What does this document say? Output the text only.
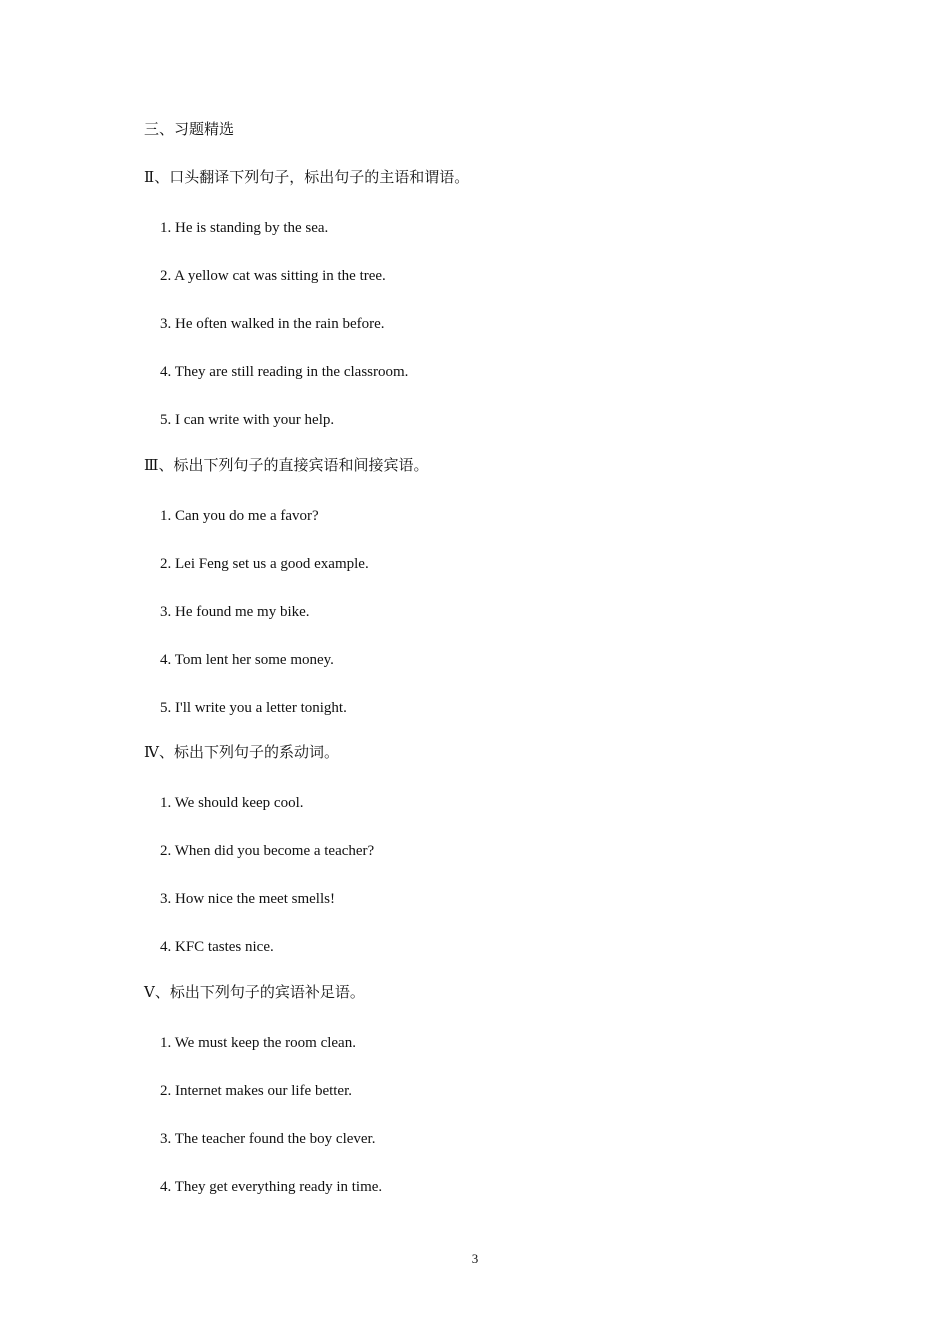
三、习题精选
Ⅱ、口头翻译下列句子，标出句子的主语和谓语。
1. He is standing by the sea.
2. A yellow cat was sitting in the tree.
3. He often walked in the rain before.
4. They are still reading in the classroom.
5. I can write with your help.
Ⅲ、标出下列句子的直接宾语和间接宾语。
1. Can you do me a favor?
2. Lei Feng set us a good example.
3. He found me my bike.
4. Tom lent her some money.
5. I'll write you a letter tonight.
Ⅳ、标出下列句子的系动词。
1. We should keep cool.
2. When did you become a teacher?
3. How nice the meet smells!
4. KFC tastes nice.
Ⅴ、标出下列句子的宾语补足语。
1. We must keep the room clean.
2. Internet makes our life better.
3. The teacher found the boy clever.
4. They get everything ready in time.
3
